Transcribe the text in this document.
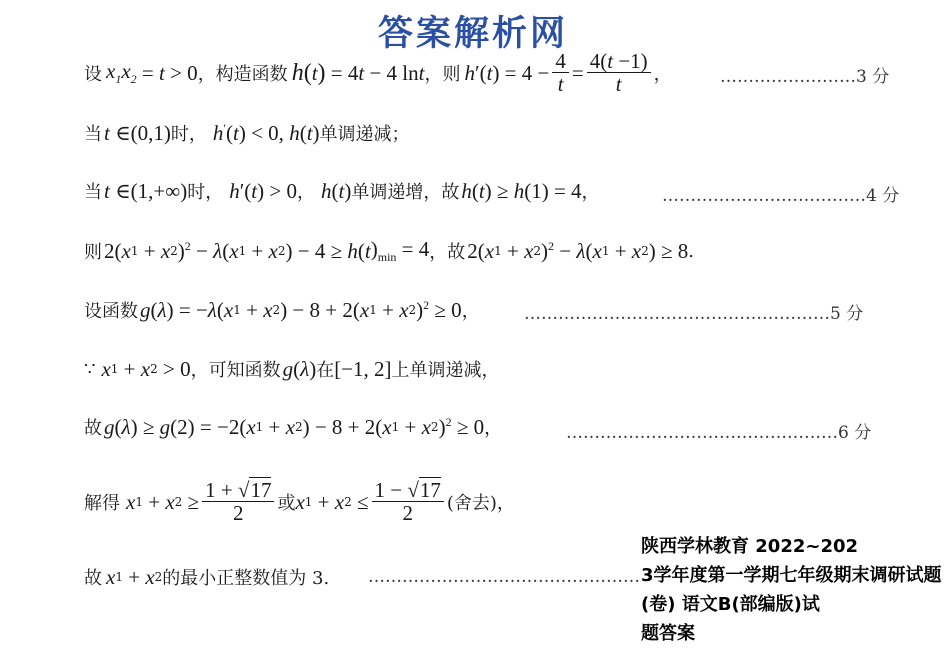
答案解析网
设 $x_1x_2 = t > 0$ ，构造函数 h ( t ) = 4 t − 4 ln t ，则 h ′( t ) = $4 - \frac{4}{t} = \frac{4(t -1)}{t}$ ，	……………………3 分
当 t ∈(0,1) 时， h ′( t ) < 0, h ( t ) 单调递减；
当 t ∈(1,+∞) 时， h ′( t ) > 0 ， h ( t ) 单调递增，故 h ( t ) ≥ h (1) = 4 ，	………………………………4 分
则 2( x 1 + x 2 )$^2$ − λ ( x 1 + x 2 ) − 4 ≥ h ( t )$_{min} = 4$ ，故 2( x 1 + x 2 )$^2$ − λ ( x 1 + x 2 ) ≥ 8 .
设函数 g ( λ ) = − λ ( x 1 + x 2 ) − 8 + 2( x 1 + x 2 )$^2$ ≥ 0 ，	………………………………………………5 分
∵ x 1 + x 2 > 0 ，可知函数 g ( λ ) 在 [−1, 2] 上单调递减，
故 g ( λ ) ≥ g (2) = −2( x 1 + x 2 ) − 8 + 2( x 1 + x 2 )$^2$ ≥ 0 ，	…………………………………………6 分
解得 x 1 + x $2 \ge \frac{1 + √17}{2}$ 或 x 1 + x $2 \le \frac{1 - √17}{2}$ (舍去)，
故 x 1 + x 2 的最小正整数值为 3. …………………………………………
陕西学林教育 2022~202
3学年度第一学期七年级期末调研试题(卷) 语文B(部编版)试
题答案
